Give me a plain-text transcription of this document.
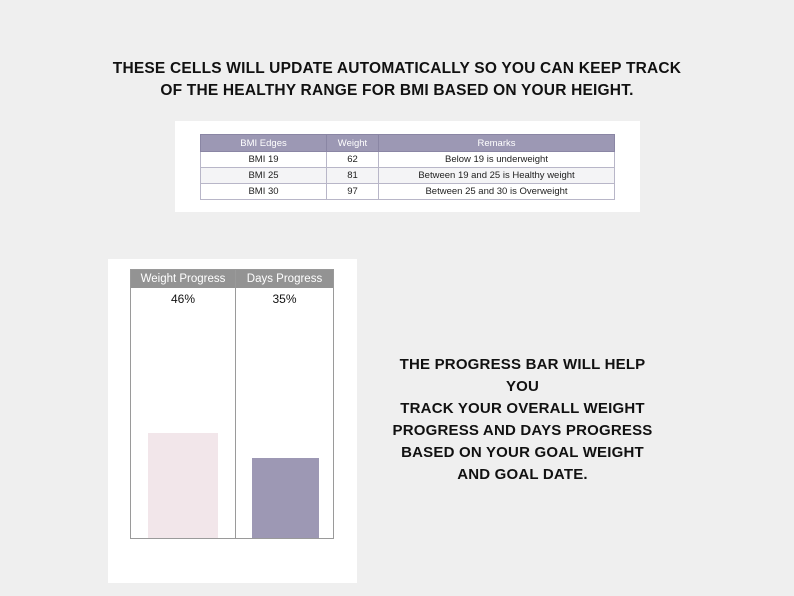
THESE CELLS WILL UPDATE AUTOMATICALLY SO YOU CAN KEEP TRACK
OF THE HEALTHY RANGE FOR BMI BASED ON YOUR HEIGHT.
BMI Edges	Weight	Remarks
BMI 19	62	Below 19 is underweight
BMI 25	81	Between 19 and 25 is Healthy weight
BMI 30	97	Between 25 and 30 is Overweight
Weight Progress	Days Progress
46%	35%
THE PROGRESS BAR WILL HELP YOU
TRACK YOUR OVERALL WEIGHT
PROGRESS AND DAYS PROGRESS
BASED ON YOUR GOAL WEIGHT
AND GOAL DATE.
